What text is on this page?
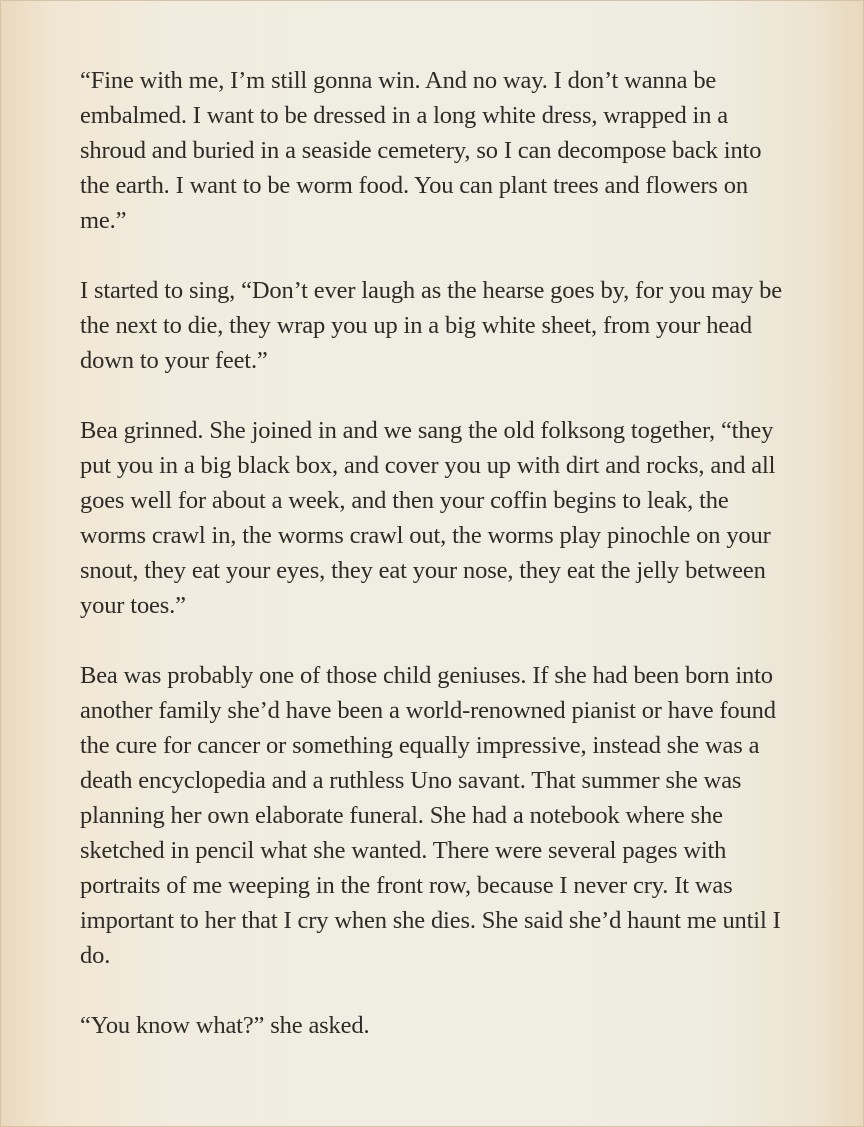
“Fine with me, I’m still gonna win. And no way. I don’t wanna be embalmed. I want to be dressed in a long white dress, wrapped in a shroud and buried in a seaside cemetery, so I can decompose back into the earth. I want to be worm food. You can plant trees and flowers on me.”

I started to sing, “Don’t ever laugh as the hearse goes by, for you may be the next to die, they wrap you up in a big white sheet, from your head down to your feet.”

Bea grinned. She joined in and we sang the old folksong together, “they put you in a big black box, and cover you up with dirt and rocks, and all goes well for about a week, and then your coffin begins to leak, the worms crawl in, the worms crawl out, the worms play pinochle on your snout, they eat your eyes, they eat your nose, they eat the jelly between your toes.”

Bea was probably one of those child geniuses. If she had been born into another family she’d have been a world-renowned pianist or have found the cure for cancer or something equally impressive, instead she was a death encyclopedia and a ruthless Uno savant. That summer she was planning her own elaborate funeral. She had a notebook where she sketched in pencil what she wanted. There were several pages with portraits of me weeping in the front row, because I never cry. It was important to her that I cry when she dies. She said she’d haunt me until I do.

“You know what?” she asked.
